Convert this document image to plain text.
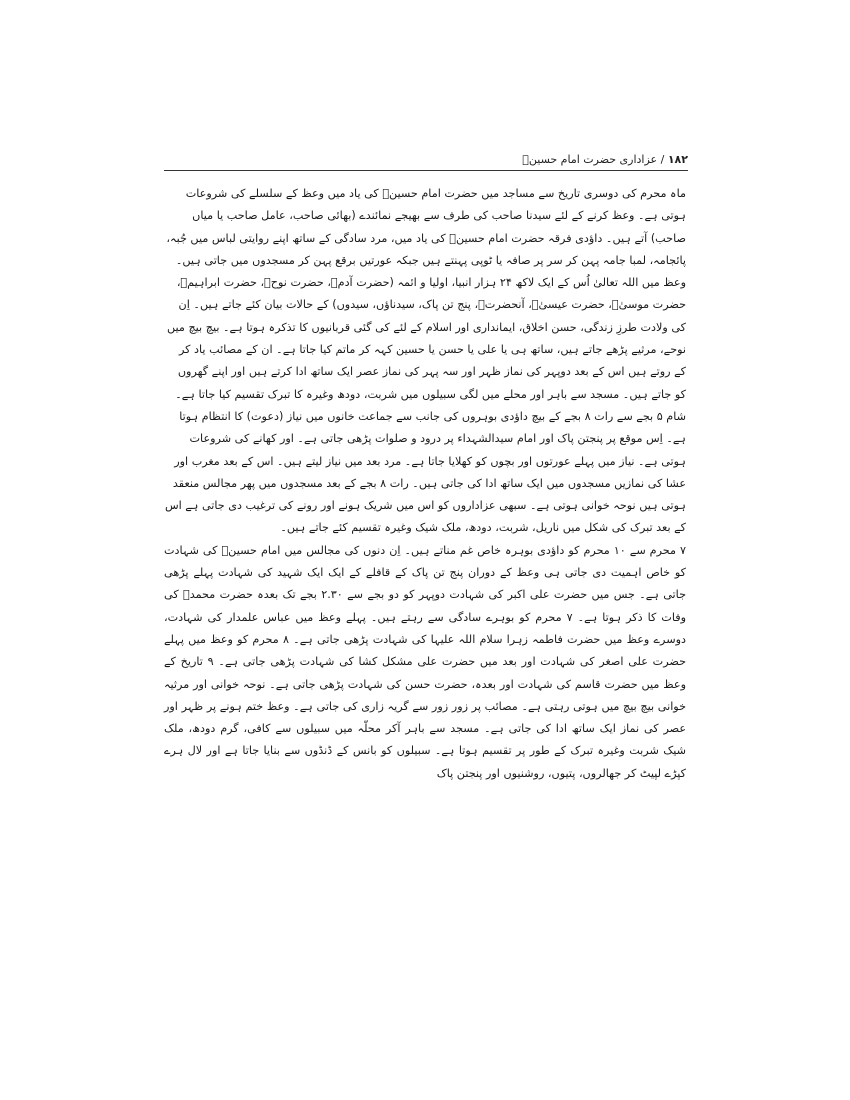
۱۸۲ / عزاداری حضرت امام حسینؑ

ماہ محرم کی دوسری تاریخ سے مساجد میں حضرت امام حسینؑ کی یاد میں وعظ کے سلسلے کی شروعات ہوتی ہے۔ وعظ کرنے کے لئے سیدنا صاحب کی طرف سے بھیجے نمائندے (بھائی صاحب، عامل صاحب یا میاں صاحب) آتے ہیں۔ داؤدی فرقہ حضرت امام حسینؑ کی یاد میں، مرد سادگی کے ساتھ اپنے روایتی لباس میں جُبہ، پائجامہ، لمبا جامہ پہن کر سر پر صافہ یا ٹوپی پہنتے ہیں جبکہ عورتیں برقع پہن کر مسجدوں میں جاتی ہیں۔ وعظ میں اللہ تعالیٰ اُس کے ایک لاکھ ۲۴ ہزار انبیا، اولیا و ائمہ (حضرت آدمؑ، حضرت نوحؑ، حضرت ابراہیمؑ، حضرت موسیٰؑ، حضرت عیسیٰؑ، آنحضرتؐ، پنج تن پاک، سیدناؤں، سیدوں) کے حالات بیان کئے جاتے ہیں۔ اِن کی ولادت طرزِ زندگی، حسن اخلاق، ایمانداری اور اسلام کے لئے کی گئی قربانیوں کا تذکرہ ہوتا ہے۔ بیچ بیچ میں نوحے، مرثیے پڑھے جاتے ہیں، ساتھ ہی یا علی یا حسن یا حسین کہہ کر ماتم کیا جاتا ہے۔ ان کے مصائب یاد کر کے روتے ہیں اس کے بعد دوپہر کی نماز ظہر اور سہ پہر کی نماز عصر ایک ساتھ ادا کرتے ہیں اور اپنے گھروں کو جاتے ہیں۔ مسجد سے باہر اور محلے میں لگی سبیلوں میں شربت، دودھ وغیرہ کا تبرک تقسیم کیا جاتا ہے۔ شام ۵ بجے سے رات ۸ بجے کے بیچ داؤدی بوہروں کی جانب سے جماعت خانوں میں نیاز (دعوت) کا انتظام ہوتا ہے۔ اِس موقع پر پنجتن پاک اور امام سیدالشہداء پر درود و صلوات پڑھی جاتی ہے۔ اور کھانے کی شروعات ہوتی ہے۔ نیاز میں پہلے عورتوں اور بچوں کو کھلایا جاتا ہے۔ مرد بعد میں نیاز لیتے ہیں۔ اس کے بعد مغرب اور عشا کی نمازیں مسجدوں میں ایک ساتھ ادا کی جاتی ہیں۔ رات ۸ بجے کے بعد مسجدوں میں پھر مجالس منعقد ہوتی ہیں نوحہ خوانی ہوتی ہے۔ سبھی عزاداروں کو اس میں شریک ہونے اور رونے کی ترغیب دی جاتی ہے اس کے بعد تبرک کی شکل میں ناریل، شربت، دودھ، ملک شیک وغیرہ تقسیم کئے جاتے ہیں۔

۷ محرم سے ۱۰ محرم کو داؤدی بوہرہ خاص غم مناتے ہیں۔ اِن دنوں کی مجالس میں امام حسینؑ کی شہادت کو خاص اہمیت دی جاتی ہی وعظ کے دوران پنج تن پاک کے قافلے کے ایک ایک شہید کی شہادت پہلے پڑھی جاتی ہے۔ جس میں حضرت علی اکبر کی شہادت دوپہر کو دو بجے سے ۲.۳۰ بجے تک بعدہ حضرت محمدؐ کی وفات کا ذکر ہوتا ہے۔ ۷ محرم کو بوہرے سادگی سے رہتے ہیں۔ پہلے وعظ میں عباس علمدار کی شہادت، دوسرے وعظ میں حضرت فاطمہ زہرا سلام اللہ علیہا کی شہادت پڑھی جاتی ہے۔ ۸ محرم کو وعظ میں پہلے حضرت علی اصغر کی شہادت اور بعد میں حضرت علی مشکل کشا کی شہادت پڑھی جاتی ہے۔ ۹ تاریخ کے وعظ میں حضرت قاسم کی شہادت اور بعدہ، حضرت حسن کی شہادت پڑھی جاتی ہے۔ نوحہ خوانی اور مرثیہ خوانی بیچ بیچ میں ہوتی رہتی ہے۔ مصائب پر زور زور سے گریہ زاری کی جاتی ہے۔ وعظ ختم ہونے پر ظہر اور عصر کی نماز ایک ساتھ ادا کی جاتی ہے۔ مسجد سے باہر آکر محلّہ میں سبیلوں سے کافی، گرم دودھ، ملک شیک شربت وغیرہ تبرک کے طور پر تقسیم ہوتا ہے۔ سبیلوں کو بانس کے ڈنڈوں سے بنایا جاتا ہے اور لال ہرے کپڑے لپیٹ کر جھالروں، پتیوں، روشنیوں اور پنجتن پاک
